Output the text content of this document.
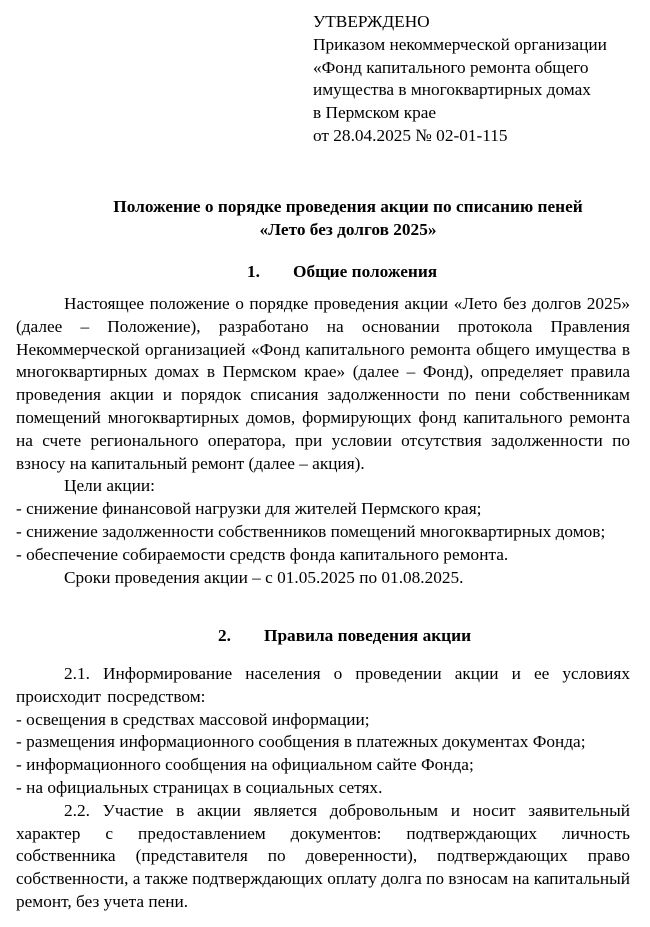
УТВЕРЖДЕНО
Приказом некоммерческой организации
«Фонд капитального ремонта общего
имущества в многоквартирных домах
в Пермском крае
от 28.04.2025 № 02-01-115
Положение о порядке проведения акции по списанию пеней
«Лето без долгов 2025»
1. Общие положения

Настоящее положение о порядке проведения акции «Лето без долгов 2025» (далее – Положение), разработано на основании протокола Правления Некоммерческой организацией «Фонд капитального ремонта общего имущества в многоквартирных домах в Пермском крае» (далее – Фонд), определяет правила проведения акции и порядок списания задолженности по пени собственникам помещений многоквартирных домов, формирующих фонд капитального ремонта на счете регионального оператора, при условии отсутствия задолженности по взносу на капитальный ремонт (далее – акция).

Цели акции:

- снижение финансовой нагрузки для жителей Пермского края;

- снижение задолженности собственников помещений многоквартирных домов;

- обеспечение собираемости средств фонда капитального ремонта.

Сроки проведения акции – с 01.05.2025 по 01.08.2025.

2. Правила поведения акции

2.1. Информирование населения о проведении акции и ее условиях происходит посредством:

- освещения в средствах массовой информации;

- размещения информационного сообщения в платежных документах Фонда;

- информационного сообщения на официальном сайте Фонда;

- на официальных страницах в социальных сетях.

2.2. Участие в акции является добровольным и носит заявительный характер с предоставлением документов: подтверждающих личность собственника (представителя по доверенности), подтверждающих право собственности, а также подтверждающих оплату долга по взносам на капитальный ремонт, без учета пени.
